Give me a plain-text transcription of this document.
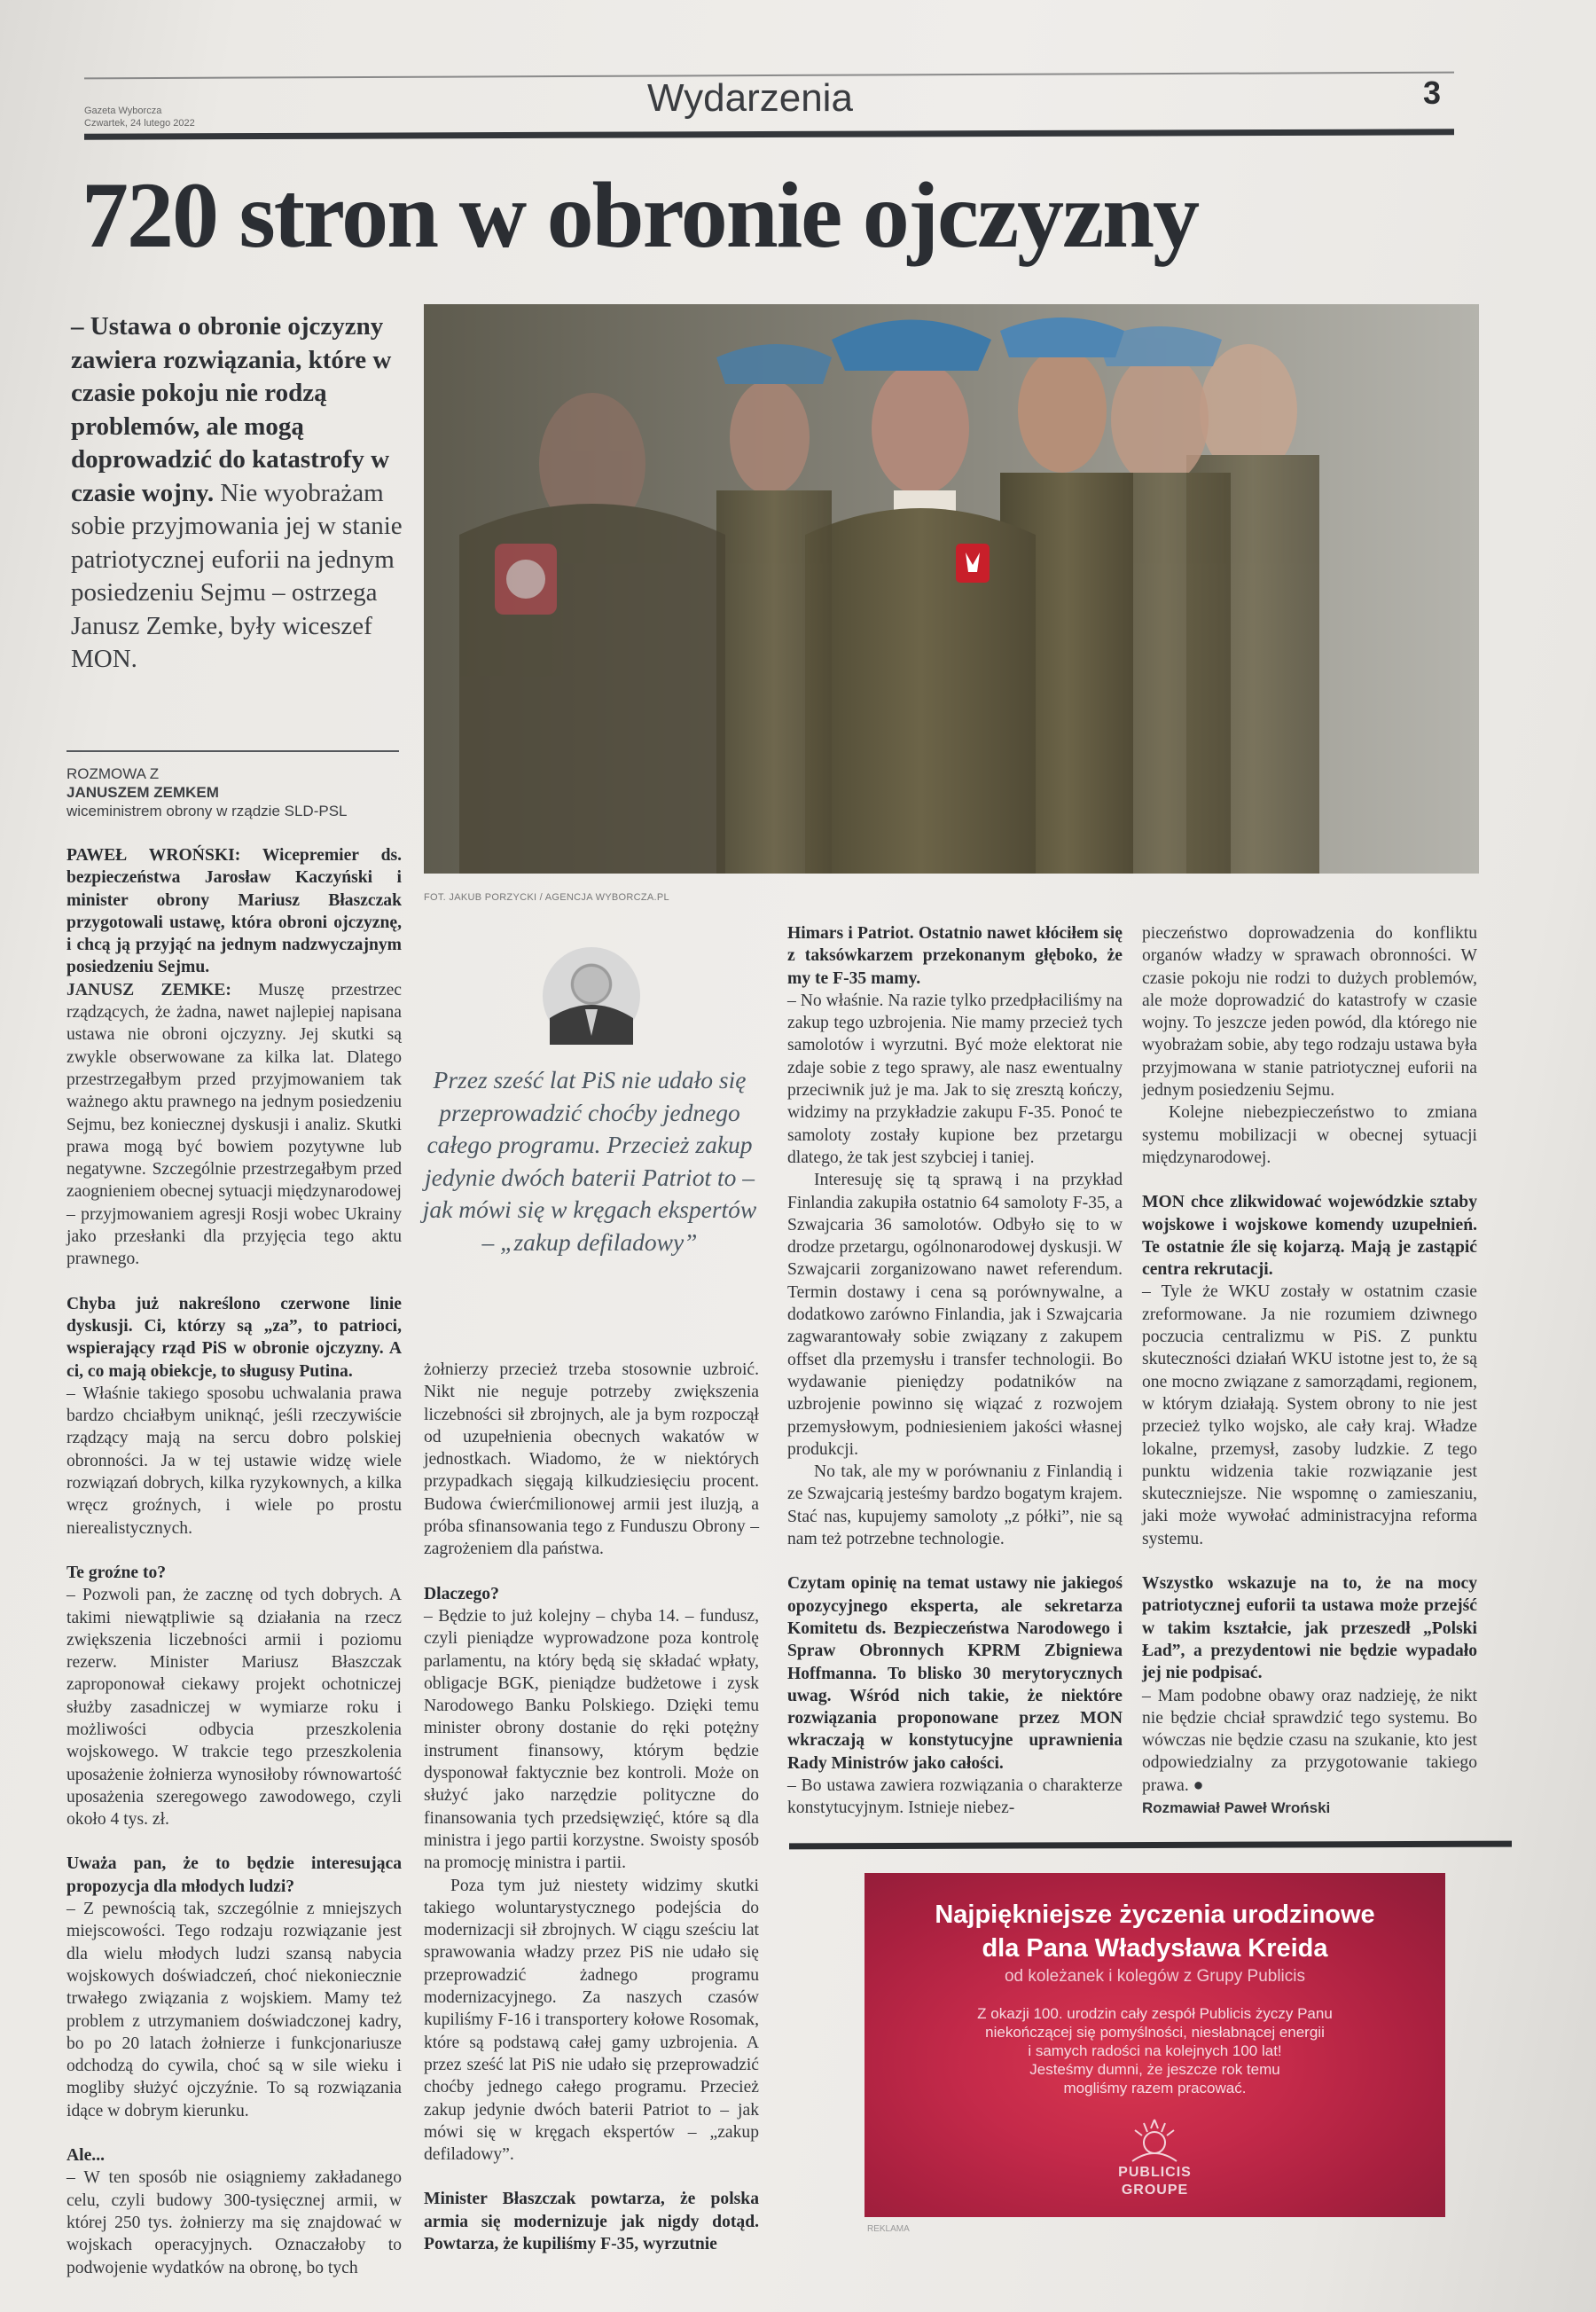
Gazeta Wyborcza
Czwartek, 24 lutego 2022
Wydarzenia	3
720 stron w obronie ojczyzny
– Ustawa o obronie ojczyzny zawiera rozwiązania, które w czasie pokoju nie rodzą problemów, ale mogą doprowadzić do katastrofy w czasie wojny. Nie wyobrażam sobie przyjmowania jej w stanie patriotycznej euforii na jednym posiedzeniu Sejmu – ostrzega Janusz Zemke, były wiceszef MON.
ROZMOWA Z
JANUSZEM ZEMKEM
wiceministrem obrony w rządzie SLD-PSL
FOT. JAKUB PORZYCKI / AGENCJA WYBORCZA.PL
Przez sześć lat PiS nie udało się przeprowadzić choćby jednego całego programu. Przecież zakup jedynie dwóch baterii Patriot to – jak mówi się w kręgach ekspertów – „zakup defiladowy”

PAWEŁ WROŃSKI: Wicepremier ds. bezpieczeństwa Jarosław Kaczyński i minister obrony Mariusz Błaszczak przygotowali ustawę, która obroni ojczyznę, i chcą ją przyjąć na jednym nadzwyczajnym posiedzeniu Sejmu.

JANUSZ ZEMKE: Muszę przestrzec rządzących, że żadna, nawet najlepiej napisana ustawa nie obroni ojczyzny. Jej skutki są zwykle obserwowane za kilka lat. Dlatego przestrzegałbym przed przyjmowaniem tak ważnego aktu prawnego na jednym posiedzeniu Sejmu, bez koniecznej dyskusji i analiz. Skutki prawa mogą być bowiem pozytywne lub negatywne. Szczególnie przestrzegałbym przed zaognieniem obecnej sytuacji międzynarodowej – przyjmowaniem agresji Rosji wobec Ukrainy jako przesłanki dla przyjęcia tego aktu prawnego.

Chyba już nakreślono czerwone linie dyskusji. Ci, którzy są „za”, to patrioci, wspierający rząd PiS w obronie ojczyzny. A ci, co mają obiekcje, to sługusy Putina.

– Właśnie takiego sposobu uchwalania prawa bardzo chciałbym uniknąć, jeśli rzeczywiście rządzący mają na sercu dobro polskiej obronności. Ja w tej ustawie widzę wiele rozwiązań dobrych, kilka ryzykownych, a kilka wręcz groźnych, i wiele po prostu nierealistycznych.

Te groźne to?

– Pozwoli pan, że zacznę od tych dobrych. A takimi niewątpliwie są działania na rzecz zwiększenia liczebności armii i poziomu rezerw. Minister Mariusz Błaszczak zaproponował ciekawy projekt ochotniczej służby zasadniczej w wymiarze roku i możliwości odbycia przeszkolenia wojskowego. W trakcie tego przeszkolenia uposażenie żołnierza wynosiłoby równowartość uposażenia szeregowego zawodowego, czyli około 4 tys. zł.

Uważa pan, że to będzie interesująca propozycja dla młodych ludzi?

– Z pewnością tak, szczególnie z mniejszych miejscowości. Tego rodzaju rozwiązanie jest dla wielu młodych ludzi szansą nabycia wojskowych doświadczeń, choć niekoniecznie trwałego związania z wojskiem. Mamy też problem z utrzymaniem doświadczonej kadry, bo po 20 latach żołnierze i funkcjonariusze odchodzą do cywila, choć są w sile wieku i mogliby służyć ojczyźnie. To są rozwiązania idące w dobrym kierunku.

Ale...

– W ten sposób nie osiągniemy zakładanego celu, czyli budowy 300-tysięcznej armii, w której 250 tys. żołnierzy ma się znajdować w wojskach operacyjnych. Oznaczałoby to podwojenie wydatków na obronę, bo tych

żołnierzy przecież trzeba stosownie uzbroić. Nikt nie neguje potrzeby zwiększenia liczebności sił zbrojnych, ale ja bym rozpoczął od uzupełnienia obecnych wakatów w jednostkach. Wiadomo, że w niektórych przypadkach sięgają kilkudziesięciu procent. Budowa ćwierćmilionowej armii jest iluzją, a próba sfinansowania tego z Funduszu Obrony – zagrożeniem dla państwa.

Dlaczego?

– Będzie to już kolejny – chyba 14. – fundusz, czyli pieniądze wyprowadzone poza kontrolę parlamentu, na który będą się składać wpłaty, obligacje BGK, pieniądze budżetowe i zysk Narodowego Banku Polskiego. Dzięki temu minister obrony dostanie do ręki potężny instrument finansowy, którym będzie dysponował faktycznie bez kontroli. Może on służyć jako narzędzie polityczne do finansowania tych przedsięwzięć, które są dla ministra i jego partii korzystne. Swoisty sposób na promocję ministra i partii.

Poza tym już niestety widzimy skutki takiego woluntarystycznego podejścia do modernizacji sił zbrojnych. W ciągu sześciu lat sprawowania władzy przez PiS nie udało się przeprowadzić żadnego programu modernizacyjnego. Za naszych czasów kupiliśmy F-16 i transportery kołowe Rosomak, które są podstawą całej gamy uzbrojenia. A przez sześć lat PiS nie udało się przeprowadzić choćby jednego całego programu. Przecież zakup jedynie dwóch baterii Patriot to – jak mówi się w kręgach ekspertów – „zakup defiladowy”.

Minister Błaszczak powtarza, że polska armia się modernizuje jak nigdy dotąd. Powtarza, że kupiliśmy F-35, wyrzutnie

Himars i Patriot. Ostatnio nawet kłóciłem się z taksówkarzem przekonanym głęboko, że my te F-35 mamy.

– No właśnie. Na razie tylko przedpłaciliśmy na zakup tego uzbrojenia. Nie mamy przecież tych samolotów i wyrzutni. Być może elektorat nie zdaje sobie z tego sprawy, ale nasz ewentualny przeciwnik już je ma. Jak to się zresztą kończy, widzimy na przykładzie zakupu F-35. Ponoć te samoloty zostały kupione bez przetargu dlatego, że tak jest szybciej i taniej.

Interesuję się tą sprawą i na przykład Finlandia zakupiła ostatnio 64 samoloty F-35, a Szwajcaria 36 samolotów. Odbyło się to w drodze przetargu, ogólnonarodowej dyskusji. W Szwajcarii zorganizowano nawet referendum. Termin dostawy i cena są porównywalne, a dodatkowo zarówno Finlandia, jak i Szwajcaria zagwarantowały sobie związany z zakupem offset dla przemysłu i transfer technologii. Bo wydawanie pieniędzy podatników na uzbrojenie powinno się wiązać z rozwojem przemysłowym, podniesieniem jakości własnej produkcji.

No tak, ale my w porównaniu z Finlandią i ze Szwajcarią jesteśmy bardzo bogatym krajem. Stać nas, kupujemy samoloty „z półki”, nie są nam też potrzebne technologie.

Czytam opinię na temat ustawy nie jakiegoś opozycyjnego eksperta, ale sekretarza Komitetu ds. Bezpieczeństwa Narodowego i Spraw Obronnych KPRM Zbigniewa Hoffmanna. To blisko 30 merytorycznych uwag. Wśród nich takie, że niektóre rozwiązania proponowane przez MON wkraczają w konstytucyjne uprawnienia Rady Ministrów jako całości.

– Bo ustawa zawiera rozwiązania o charakterze konstytucyjnym. Istnieje niebez-

pieczeństwo doprowadzenia do konfliktu organów władzy w sprawach obronności. W czasie pokoju nie rodzi to dużych problemów, ale może doprowadzić do katastrofy w czasie wojny. To jeszcze jeden powód, dla którego nie wyobrażam sobie, aby tego rodzaju ustawa była przyjmowana w stanie patriotycznej euforii na jednym posiedzeniu Sejmu.

Kolejne niebezpieczeństwo to zmiana systemu mobilizacji w obecnej sytuacji międzynarodowej.

MON chce zlikwidować wojewódzkie sztaby wojskowe i wojskowe komendy uzupełnień. Te ostatnie źle się kojarzą. Mają je zastąpić centra rekrutacji.

– Tyle że WKU zostały w ostatnim czasie zreformowane. Ja nie rozumiem dziwnego poczucia centralizmu w PiS. Z punktu skuteczności działań WKU istotne jest to, że są one mocno związane z samorządami, regionem, w którym działają. System obrony to nie jest przecież tylko wojsko, ale cały kraj. Władze lokalne, przemysł, zasoby ludzkie. Z tego punktu widzenia takie rozwiązanie jest skuteczniejsze. Nie wspomnę o zamieszaniu, jaki może wywołać administracyjna reforma systemu.

Wszystko wskazuje na to, że na mocy patriotycznej euforii ta ustawa może przejść w takim kształcie, jak przeszedł „Polski Ład”, a prezydentowi nie będzie wypadało jej nie podpisać.

– Mam podobne obawy oraz nadzieję, że nikt nie będzie chciał sprawdzić tego systemu. Bo wówczas nie będzie czasu na szukanie, kto jest odpowiedzialny za przygotowanie takiego prawa. ●

Rozmawiał Paweł Wroński

Najpiękniejsze życzenia urodzinowe
dla Pana Władysława Kreida
od koleżanek i kolegów z Grupy Publicis
Z okazji 100. urodzin cały zespół Publicis życzy Panu
niekończącej się pomyślności, niesłabnącej energii
i samych radości na kolejnych 100 lat!
Jesteśmy dumni, że jeszcze rok temu
mogliśmy razem pracować.
PUBLICIS
GROUPE
REKLAMA
